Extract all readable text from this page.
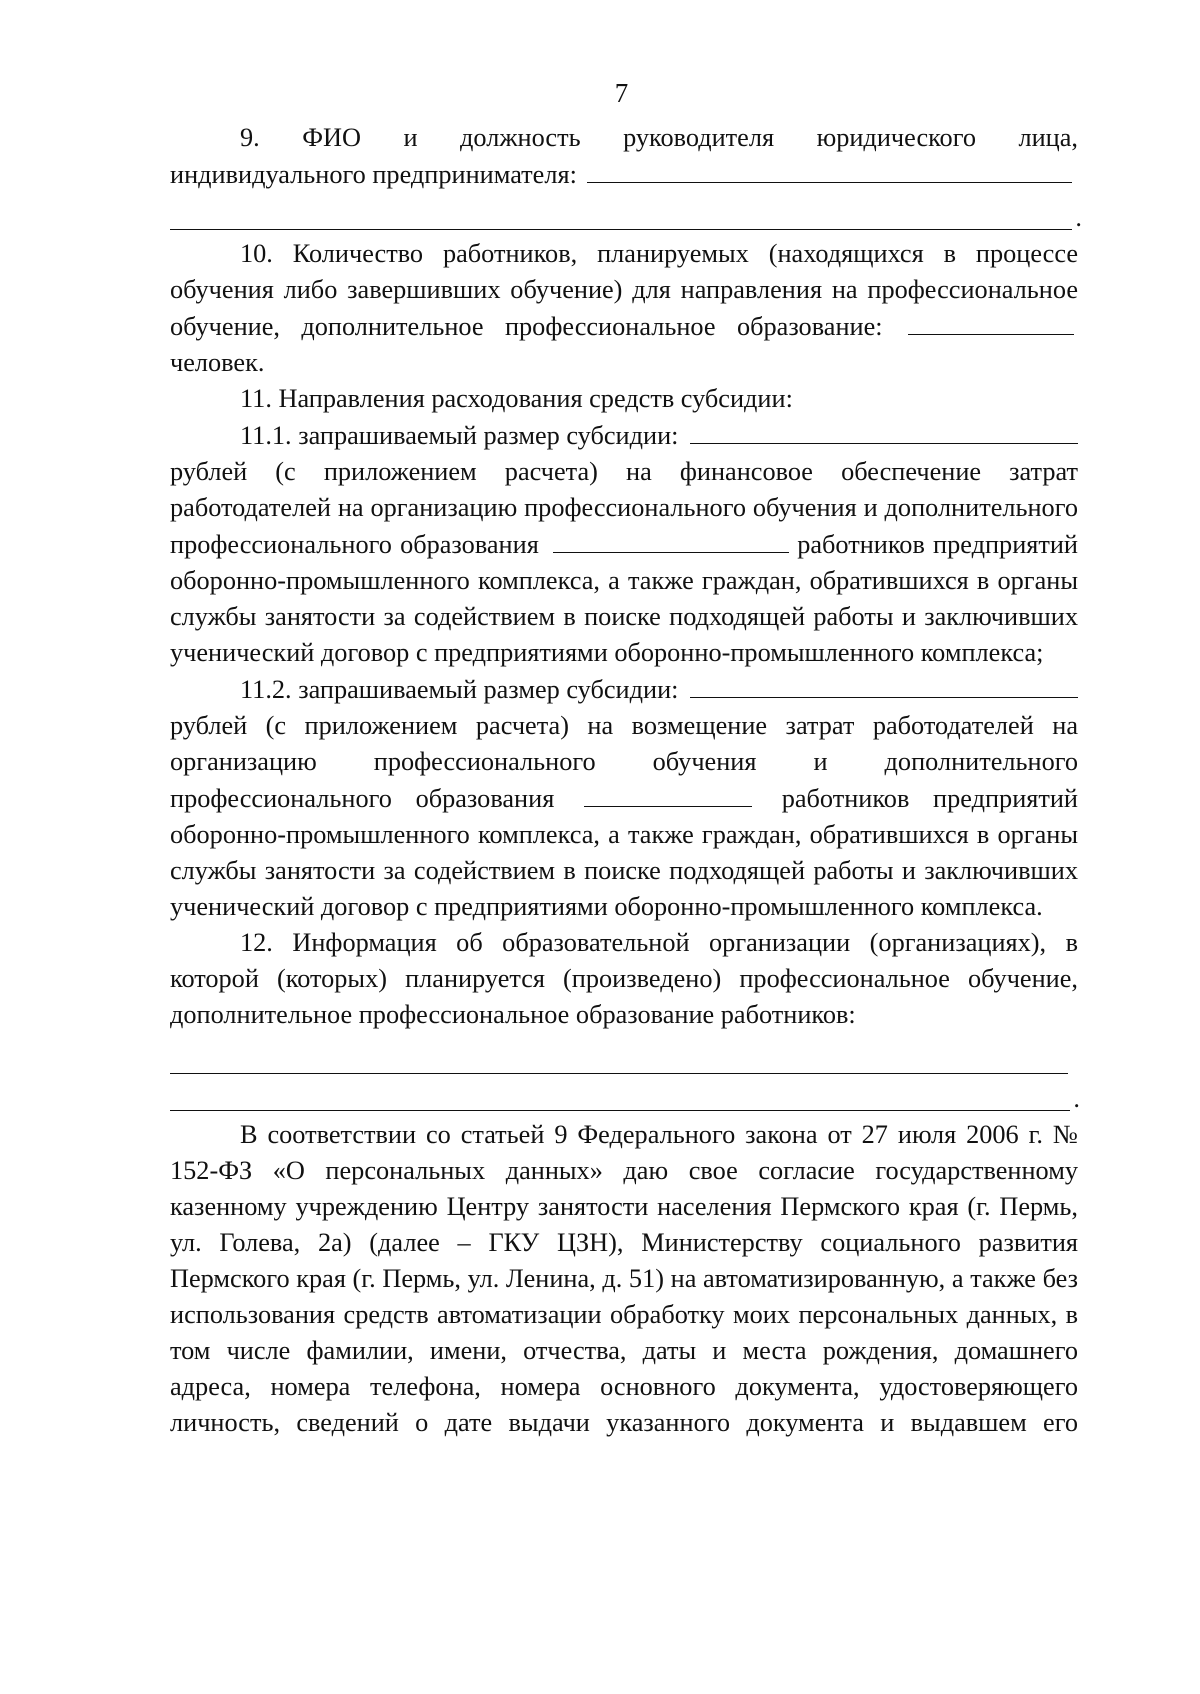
7

9. ФИО и должность руководителя юридического лица,

индивидуального предпринимателя:

.

10. Количество работников, планируемых (находящихся в процессе обучения либо завершивших обучение) для направления на профессиональное обучение, дополнительное профессиональное образование:  человек.

11. Направления расходования средств субсидии:

11.1. запрашиваемый размер субсидии:

рублей (с приложением расчета) на финансовое обеспечение затрат работодателей на организацию профессионального обучения и дополнительного профессионального образования	работников предприятий оборонно-промышленного комплекса, а также граждан, обратившихся в органы службы занятости за содействием в поиске подходящей работы и заключивших ученический договор с предприятиями оборонно-промышленного комплекса;

11.2. запрашиваемый размер субсидии:

рублей (с приложением расчета) на возмещение затрат работодателей на организацию профессионального обучения и дополнительного профессионального образования	работников предприятий оборонно-промышленного комплекса, а также граждан, обратившихся в органы службы занятости за содействием в поиске подходящей работы и заключивших ученический договор с предприятиями оборонно-промышленного комплекса.

12. Информация об образовательной организации (организациях), в которой (которых) планируется (произведено) профессиональное обучение, дополнительное профессиональное образование работников:

.

В соответствии со статьей 9 Федерального закона от 27 июля 2006 г. № 152-ФЗ «О персональных данных» даю свое согласие государственному казенному учреждению Центру занятости населения Пермского края (г. Пермь, ул. Голева, 2а) (далее – ГКУ ЦЗН), Министерству социального развития Пермского края (г. Пермь, ул. Ленина, д. 51) на автоматизированную, а также без использования средств автоматизации обработку моих персональных данных, в том числе фамилии, имени, отчества, даты и места рождения, домашнего адреса, номера телефона, номера основного документа, удостоверяющего личность, сведений о дате выдачи указанного документа и выдавшем его
